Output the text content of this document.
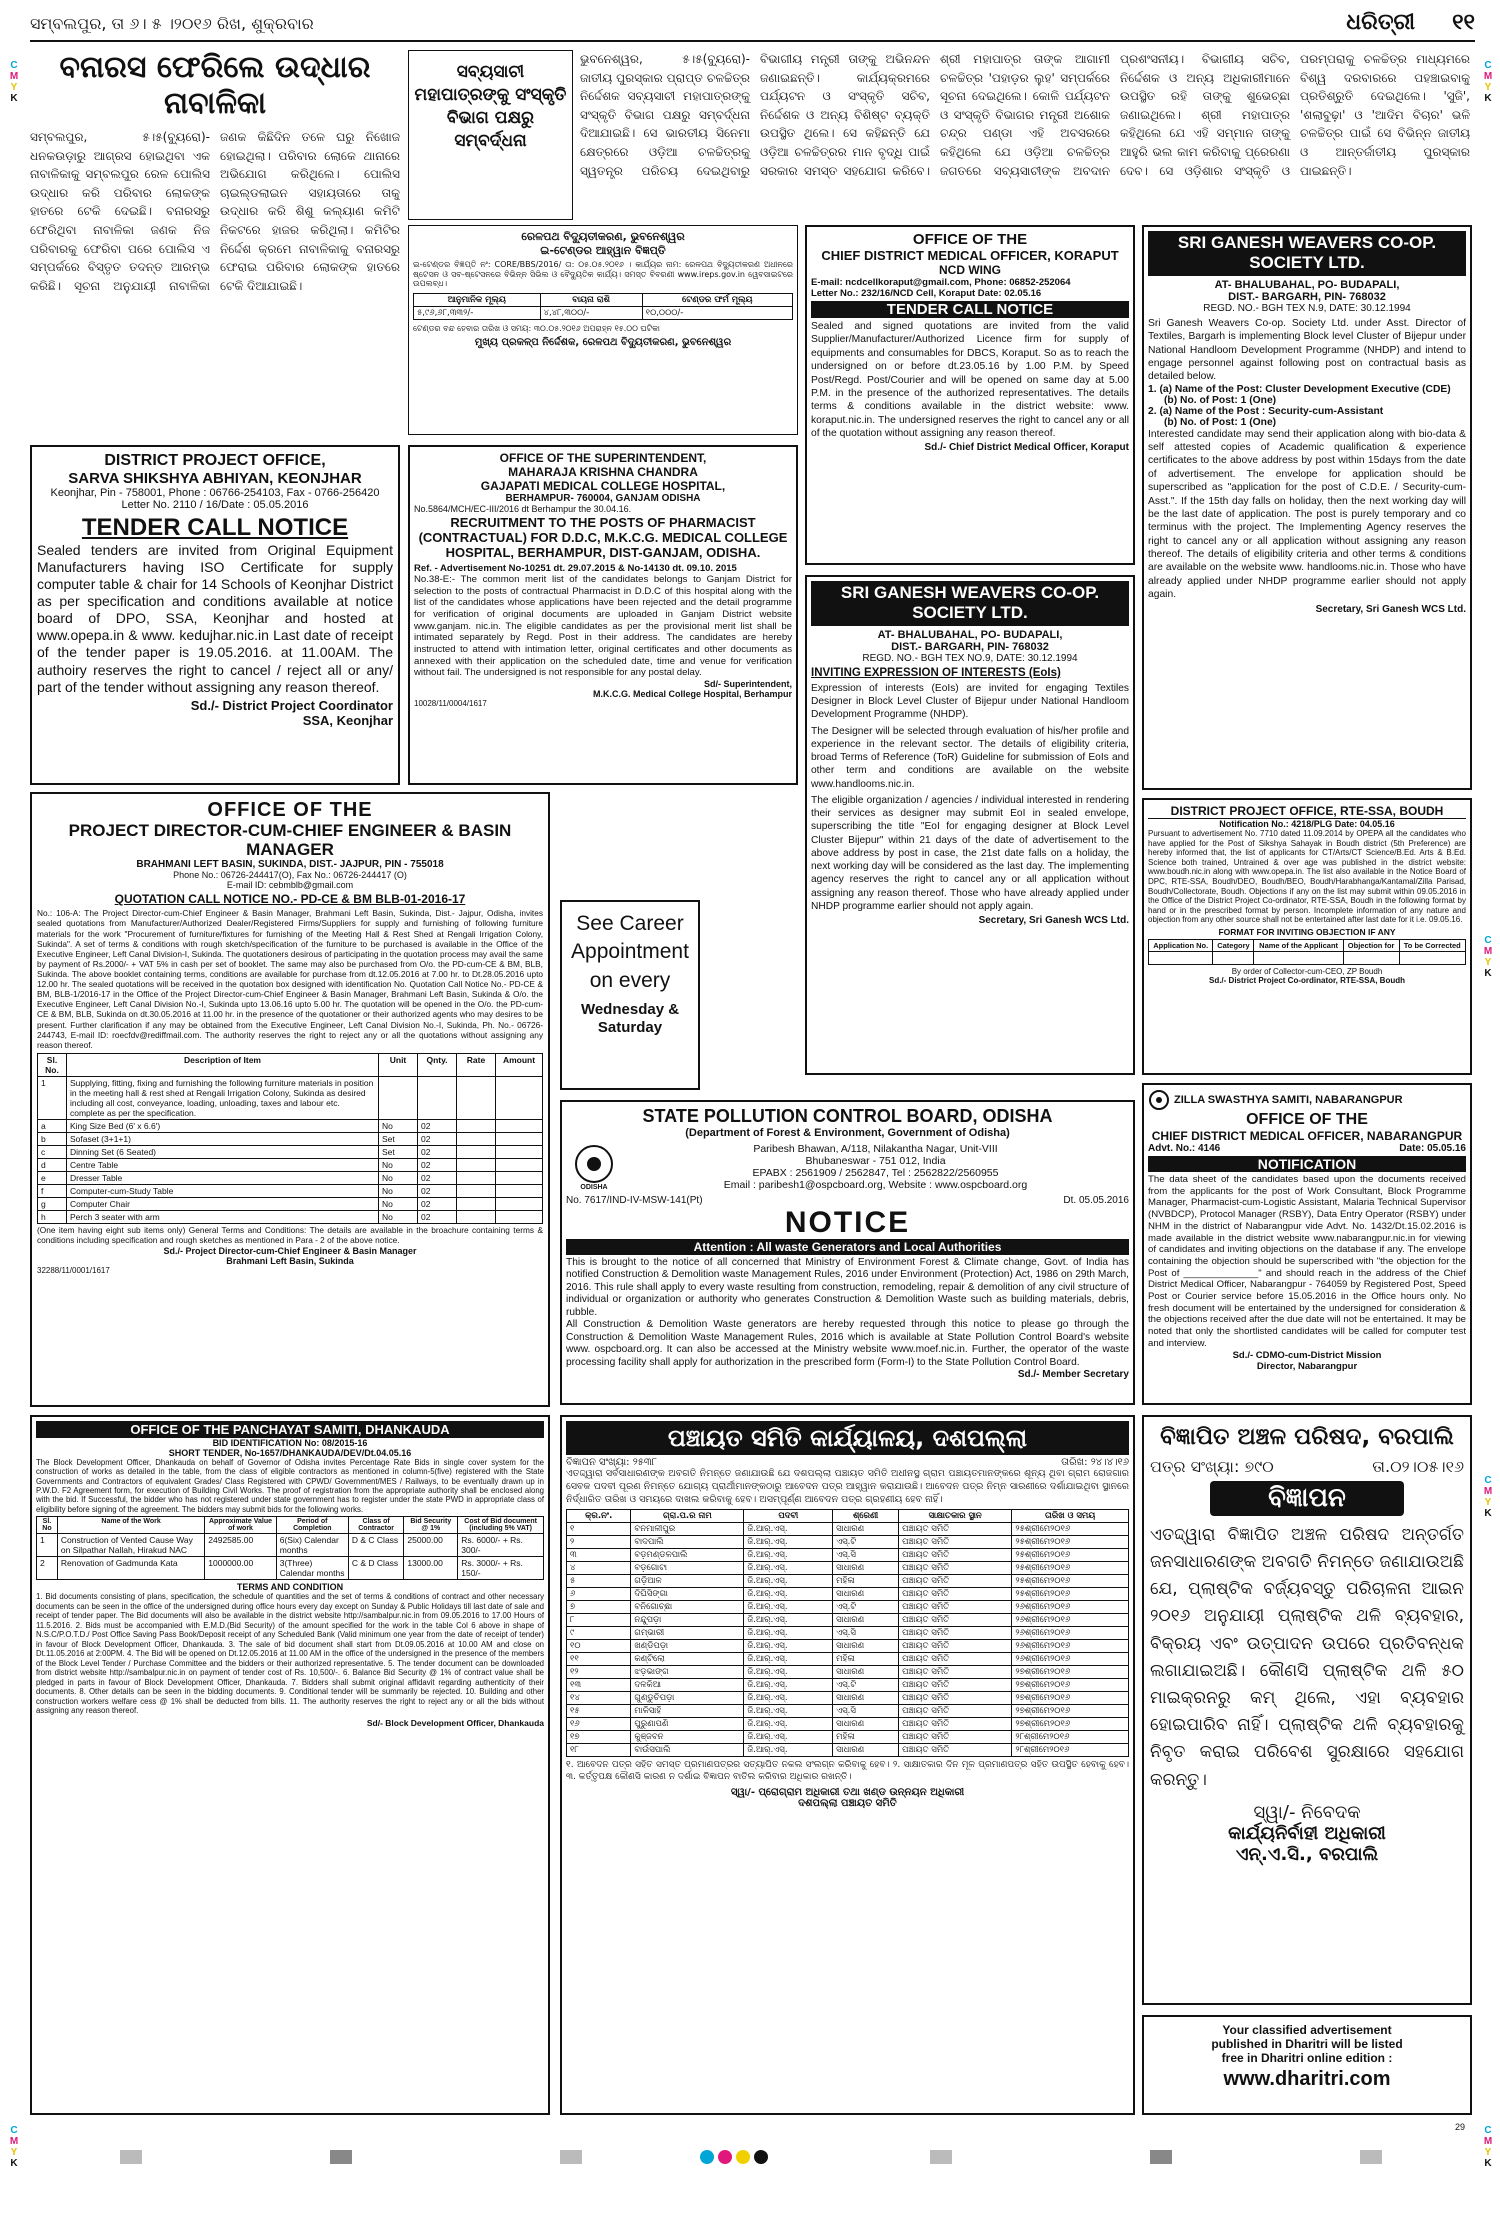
ସମ୍ବଲପୁର, ତା ୬। ୫ ।୨୦୧୬ ରିଖ, ଶୁକ୍ରବାର	ଧରିତ୍ରୀ ୧୧
C
M
Y
K
C
M
Y
K
C
M
Y
K
C
M
Y
K
C
M
Y
K
C
M
Y
K
ବନାରସ ଫେରିଲେ ଉଦ୍ଧାର ନାବାଳିକା
ସମ୍ବଲପୁର, ୫।୫(ବ୍ୟୁରୋ)- ଧନକଉଡ଼ାରୁ ଆଗ୍ରସ ହୋଇଥିବା ଏକ ନାବାଳିକାକୁ ସମ୍ବଲପୁର ରେଳ ପୋଲିସ ଉଦ୍ଧାର କରି ପରିବାର ଲୋକଙ୍କ ହାତରେ ଟେକି ଦେଇଛି। ବନାରସରୁ ଫେରିଥିବା ନାବାଳିକା ଜଣକ ନିଜ ପରିବାରକୁ ଫେରିବା ପରେ ପୋଲିସ ଏ ସମ୍ପର୍କରେ ବିସ୍ତୃତ ତଦନ୍ତ ଆରମ୍ଭ କରିଛି। ସୂଚନା ଅନୁଯାୟୀ ନାବାଳିକା ଜଣକ କିଛିଦିନ ତଳେ ଘରୁ ନିଖୋଜ ହୋଇଥିଲା। ପରିବାର ଲୋକେ ଥାନାରେ ଅଭିଯୋଗ କରିଥିଲେ। ପୋଲିସ ଚାଇଲ୍ଡଲାଇନ ସହାୟତାରେ ତାକୁ ଉଦ୍ଧାର କରି ଶିଶୁ କଲ୍ୟାଣ କମିଟି ନିକଟରେ ହାଜର କରିଥିଲା। କମିଟିର ନିର୍ଦ୍ଦେଶ କ୍ରମେ ନାବାଳିକାକୁ ବନାରସରୁ ଫେରାଇ ପରିବାର ଲୋକଙ୍କ ହାତରେ ଟେକି ଦିଆଯାଇଛି।
ସବ୍ୟସାଚୀ ମହାପାତ୍ରଙ୍କୁ ସଂସ୍କୃତି ବିଭାଗ ପକ୍ଷରୁ ସମ୍ବର୍ଦ୍ଧନା
ଭୁବନେଶ୍ୱର, ୫।୫(ବ୍ୟୁରୋ)- ଜାତୀୟ ପୁରସ୍କାର ପ୍ରାପ୍ତ ଚଳଚ୍ଚିତ୍ର ନିର୍ଦ୍ଦେଶକ ସବ୍ୟସାଚୀ ମହାପାତ୍ରଙ୍କୁ ସଂସ୍କୃତି ବିଭାଗ ପକ୍ଷରୁ ସମ୍ବର୍ଦ୍ଧନା ଦିଆଯାଇଛି। ସେ ଭାରତୀୟ ସିନେମା କ୍ଷେତ୍ରରେ ଓଡ଼ିଆ ଚଳଚ୍ଚିତ୍ରକୁ ସ୍ୱତନ୍ତ୍ର ପରିଚୟ ଦେଇଥିବାରୁ ବିଭାଗୀୟ ମନ୍ତ୍ରୀ ତାଙ୍କୁ ଅଭିନନ୍ଦନ ଜଣାଇଛନ୍ତି। କାର୍ଯ୍ୟକ୍ରମରେ ପର୍ଯ୍ୟଟନ ଓ ସଂସ୍କୃତି ସଚିବ, ନିର୍ଦ୍ଦେଶକ ଓ ଅନ୍ୟ ବିଶିଷ୍ଟ ବ୍ୟକ୍ତି ଉପସ୍ଥିତ ଥିଲେ। ସେ କହିଛନ୍ତି ଯେ ଓଡ଼ିଆ ଚଳଚ୍ଚିତ୍ରର ମାନ ବୃଦ୍ଧି ପାଇଁ ସରକାର ସମସ୍ତ ସହଯୋଗ କରିବେ। ଶ୍ରୀ ମହାପାତ୍ର ତାଙ୍କ ଆଗାମୀ ଚଳଚ୍ଚିତ୍ର 'ପହାଡ଼ର ଲୁହ' ସମ୍ପର୍କରେ ସୂଚନା ଦେଇଥିଲେ। କୋଳି ପର୍ଯ୍ୟଟନ ଓ ସଂସ୍କୃତି ବିଭାଗର ମନ୍ତ୍ରୀ ଅଶୋକ ଚନ୍ଦ୍ର ପଣ୍ଡା ଏହି ଅବସରରେ କହିଥିଲେ ଯେ ଓଡ଼ିଆ ଚଳଚ୍ଚିତ୍ର ଜଗତରେ ସବ୍ୟସାଚୀଙ୍କ ଅବଦାନ ପ୍ରଶଂସନୀୟ। ବିଭାଗୀୟ ସଚିବ, ନିର୍ଦ୍ଦେଶକ ଓ ଅନ୍ୟ ଅଧିକାରୀମାନେ ଉପସ୍ଥିତ ରହି ତାଙ୍କୁ ଶୁଭେଚ୍ଛା ଜଣାଇଥିଲେ। ଶ୍ରୀ ମହାପାତ୍ର କହିଥିଲେ ଯେ ଏହି ସମ୍ମାନ ତାଙ୍କୁ ଆହୁରି ଭଲ କାମ କରିବାକୁ ପ୍ରେରଣା ଦେବ। ସେ ଓଡ଼ିଶାର ସଂସ୍କୃତି ଓ ପରମ୍ପରାକୁ ଚଳଚ୍ଚିତ୍ର ମାଧ୍ୟମରେ ବିଶ୍ୱ ଦରବାରରେ ପହଞ୍ଚାଇବାକୁ ପ୍ରତିଶ୍ରୁତି ଦେଇଥିଲେ। 'ସୁଜି', 'ଶଲାବୁଢ଼ା' ଓ 'ଆଦିମ ବିଚାର' ଭଳି ଚଳଚ୍ଚିତ୍ର ପାଇଁ ସେ ବିଭିନ୍ନ ଜାତୀୟ ଓ ଆନ୍ତର୍ଜାତୀୟ ପୁରସ୍କାର ପାଇଛନ୍ତି।
ରେଳପଥ ବିଦ୍ୟୁତୀକରଣ, ଭୁବନେଶ୍ୱର
ଇ-ଟେଣ୍ଡର ଆହ୍ୱାନ ବିଜ୍ଞପ୍ତି
ଇ-ଟେଣ୍ଡର ବିଜ୍ଞପ୍ତି ନଂ: CORE/BBS/2016/ ତା: ୦୫.୦୫.୨୦୧୬ । କାର୍ଯ୍ୟର ନାମ: ରେଳପଥ ବିଦ୍ୟୁତୀକରଣ ଅଧୀନରେ ଷ୍ଟେସନ ଓ ସବ-ଷ୍ଟେସନରେ ବିଭିନ୍ନ ସିଭିଲ ଓ ବୈଦ୍ୟୁତିକ କାର୍ଯ୍ୟ। ସମସ୍ତ ବିବରଣୀ www.ireps.gov.in ୱେବସାଇଟରେ ଉପଲବ୍ଧ।
ଆନୁମାନିକ ମୂଲ୍ୟ	ବାୟନା ରାଶି	ଟେଣ୍ଡର ଫର୍ମ ମୂଲ୍ୟ
୫,୯୬,୬୮,୩୩୨/-	୪,୪୮,୩୦୦/-	୧୦,୦୦୦/-
ଟେଣ୍ଡର ବନ୍ଦ ହେବାର ତାରିଖ ଓ ସମୟ: ୩୦.୦୫.୨୦୧୬ ଅପରାହ୍ନ ୧୫.୦୦ ଘଟିକା
ମୁଖ୍ୟ ପ୍ରକଳ୍ପ ନିର୍ଦ୍ଦେଶକ, ରେଳପଥ ବିଦ୍ୟୁତୀକରଣ, ଭୁବନେଶ୍ୱର
OFFICE OF THE
CHIEF DISTRICT MEDICAL OFFICER, KORAPUT
NCD WING
E-mail: ncdcellkoraput@gmail.com, Phone: 06852-252064
Letter No.: 232/16/NCD Cell, Koraput Date: 02.05.16
TENDER CALL NOTICE
Sealed and signed quotations are invited from the valid Supplier/Manufacturer/Authorized Licence firm for supply of equipments and consumables for DBCS, Koraput. So as to reach the undersigned on or before dt.23.05.16 by 1.00 P.M. by Speed Post/Regd. Post/Courier and will be opened on same day at 5.00 P.M. in the presence of the authorized representatives. The details terms & conditions available in the district website: www. koraput.nic.in. The undersigned reserves the right to cancel any or all of the quotation without assigning any reason thereof.
Sd./- Chief District Medical Officer, Koraput
SRI GANESH WEAVERS CO-OP. SOCIETY LTD.
AT- BHALUBAHAL, PO- BUDAPALI,
DIST.- BARGARH, PIN- 768032
REGD. NO.- BGH TEX N.9, DATE: 30.12.1994
Sri Ganesh Weavers Co-op. Society Ltd. under Asst. Director of Textiles, Bargarh is implementing Block level Cluster of Bijepur under National Handloom Development Programme (NHDP) and intend to engage personnel against following post on contractual basis as detailed below.
1. (a) Name of the Post: Cluster Development Executive (CDE)
(b) No. of Post: 1 (One)
2. (a) Name of the Post : Security-cum-Assistant
(b) No. of Post: 1 (One)
Interested candidate may send their application along with bio-data & self attested copies of Academic qualification & experience certificates to the above address by post within 15days from the date of advertisement. The envelope for application should be superscribed as "application for the post of C.D.E. / Security-cum-Asst.". If the 15th day falls on holiday, then the next working day will be the last date of application. The post is purely temporary and co terminus with the project. The Implementing Agency reserves the right to cancel any or all application without assigning any reason thereof. The details of eligibility criteria and other terms & conditions are available on the website www. handlooms.nic.in. Those who have already applied under NHDP programme earlier should not apply again.
Secretary, Sri Ganesh WCS Ltd.
DISTRICT PROJECT OFFICE,
SARVA SHIKSHYA ABHIYAN, KEONJHAR
Keonjhar, Pin - 758001, Phone : 06766-254103, Fax - 0766-256420
Letter No. 2110 / 16/Date : 05.05.2016
TENDER CALL NOTICE
Sealed tenders are invited from Original Equipment Manufacturers having ISO Certificate for supply computer table & chair for 14 Schools of Keonjhar District as per specification and conditions available at notice board of DPO, SSA, Keonjhar and hosted at www.opepa.in & www. kedujhar.nic.in Last date of receipt of the tender paper is 19.05.2016. at 11.00AM. The authoiry reserves the right to cancel / reject all or any/ part of the tender without assigning any reason thereof.
Sd./- District Project Coordinator
SSA, Keonjhar
OFFICE OF THE SUPERINTENDENT,
MAHARAJA KRISHNA CHANDRA
GAJAPATI MEDICAL COLLEGE HOSPITAL,
BERHAMPUR- 760004, GANJAM ODISHA
No.5864/MCH/EC-III/2016 dt Berhampur the 30.04.16.
RECRUITMENT TO THE POSTS OF PHARMACIST (CONTRACTUAL) FOR D.D.C, M.K.C.G. MEDICAL COLLEGE HOSPITAL, BERHAMPUR, DIST-GANJAM, ODISHA.
Ref. - Advertisement No-10251 dt. 29.07.2015 & No-14130 dt. 09.10. 2015
No.38-E:- The common merit list of the candidates belongs to Ganjam District for selection to the posts of contractual Pharmacist in D.D.C of this hospital along with the list of the candidates whose applications have been rejected and the detail programme for verification of original documents are uploaded in Ganjam District website www.ganjam. nic.in. The eligible candidates as per the provisional merit list shall be intimated separately by Regd. Post in their address. The candidates are hereby instructed to attend with intimation letter, original certificates and other documents as annexed with their application on the scheduled date, time and venue for verification without fail. The undersigned is not responsible for any postal delay.
Sd/- Superintendent,
M.K.C.G. Medical College Hospital, Berhampur
10028/11/0004/1617
SRI GANESH WEAVERS CO-OP. SOCIETY LTD.
AT- BHALUBAHAL, PO- BUDAPALI,
DIST.- BARGARH, PIN- 768032
REGD. NO.- BGH TEX NO.9, DATE: 30.12.1994
INVITING EXPRESSION OF INTERESTS (EoIs)
Expression of interests (EoIs) are invited for engaging Textiles Designer in Block Level Cluster of Bijepur under National Handloom Development Programme (NHDP).
The Designer will be selected through evaluation of his/her profile and experience in the relevant sector. The details of eligibility criteria, broad Terms of Reference (ToR) Guideline for submission of EoIs and other term and conditions are available on the website www.handlooms.nic.in.
The eligible organization / agencies / individual interested in rendering their services as designer may submit EoI in sealed envelope, superscribing the title "EoI for engaging designer at Block Level Cluster Bijepur" within 21 days of the date of advertisement to the above address by post in case, the 21st date falls on a holiday, the next working day will be considered as the last day. The implementing agency reserves the right to cancel any or all application without assigning any reason thereof. Those who have already applied under NHDP programme earlier should not apply again.
Secretary, Sri Ganesh WCS Ltd.
DISTRICT PROJECT OFFICE, RTE-SSA, BOUDH
Notification No.: 4218/PLG Date: 04.05.16
Pursuant to advertisement No. 7710 dated 11.09.2014 by OPEPA all the candidates who have applied for the Post of Sikshya Sahayak in Boudh district (5th Preference) are hereby informed that, the list of applicants for CT/Arts/CT Science/B.Ed. Arts & B.Ed. Science both trained, Untrained & over age was published in the district website: www.boudh.nic.in along with www.opepa.in. The list also available in the Notice Board of DPC, RTE-SSA, Boudh/DEO, Boudh/BEO, Boudh/Harabhanga/Kantamal/Zilla Parisad, Boudh/Collectorate, Boudh. Objections if any on the list may submit within 09.05.2016 in the Office of the District Project Co-ordinator, RTE-SSA, Boudh in the following format by hand or in the prescribed format by person. Incomplete information of any nature and objection from any other source shall not be entertained after last date for it i.e. 09.05.16.
FORMAT FOR INVITING OBJECTION IF ANY
Application No.	Category	Name of the Applicant	Objection for	To be Corrected

By order of Collector-cum-CEO, ZP Boudh
Sd./- District Project Co-ordinator, RTE-SSA, Boudh
OFFICE OF THE
PROJECT DIRECTOR-CUM-CHIEF ENGINEER & BASIN MANAGER
BRAHMANI LEFT BASIN, SUKINDA, DIST.- JAJPUR, PIN - 755018
Phone No.: 06726-244417(O), Fax No.: 06726-244417 (O)
E-mail ID: cebmblb@gmail.com
QUOTATION CALL NOTICE NO.- PD-CE & BM BLB-01-2016-17
No.: 106-A: The Project Director-cum-Chief Engineer & Basin Manager, Brahmani Left Basin, Sukinda, Dist.- Jajpur, Odisha, invites sealed quotations from Manufacturer/Authorized Dealer/Registered Firms/Suppliers for supply and furnishing of following furniture materials for the work "Procurement of furniture/fixtures for furnishing of the Meeting Hall & Rest Shed at Rengali Irrigation Colony, Sukinda". A set of terms & conditions with rough sketch/specification of the furniture to be purchased is available in the Office of the Executive Engineer, Left Canal Division-I, Sukinda. The quotationers desirous of participating in the quotation process may avail the same by payment of Rs.2000/- + VAT 5% in cash per set of booklet. The same may also be purchased from O/o. the PD-cum-CE & BM, BLB, Sukinda. The above booklet containing terms, conditions are available for purchase from dt.12.05.2016 at 7.00 hr. to Dt.28.05.2016 upto 12.00 hr. The sealed quotations will be received in the quotation box designed with identification No. Quotation Call Notice No.- PD-CE & BM, BLB-1/2016-17 in the Office of the Project Director-cum-Chief Engineer & Basin Manager, Brahmani Left Basin, Sukinda & O/o. the Executive Engineer, Left Canal Division No.-I, Sukinda upto 13.06.16 upto 5.00 hr. The quotation will be opened in the O/o. the PD-cum-CE & BM, BLB, Sukinda on dt.30.05.2016 at 11.00 hr. in the presence of the quotationer or their authorized agents who may desires to be present. Further clarification if any may be obtained from the Executive Engineer, Left Canal Division No.-I, Sukinda, Ph. No.- 06726-244743, E-mail ID: roecfdv@rediffmail.com. The authority reserves the right to reject any or all the quotations without assigning any reason thereof.
Sl. No.	Description of Item	Unit	Qnty.	Rate	Amount
1	Supplying, fitting, fixing and furnishing the following furniture materials in position in the meeting hall & rest shed at Rengali Irrigation Colony, Sukinda as desired including all cost, conveyance, loading, unloading, taxes and labour etc. complete as per the specification.				
a	King Size Bed (6' x 6.6')	No	02		
b	Sofaset (3+1+1)	Set	02		
c	Dinning Set (6 Seated)	Set	02		
d	Centre Table	No	02		
e	Dresser Table	No	02		
f	Computer-cum-Study Table	No	02		
g	Computer Chair	No	02		
h	Perch 3 seater with arm	No	02		
(One item having eight sub items only) General Terms and Conditions: The details are available in the broachure containing terms & conditions including specification and rough sketches as mentioned in Para - 2 of the above notice.
Sd./- Project Director-cum-Chief Engineer & Basin Manager
Brahmani Left Basin, Sukinda
32288/11/0001/1617
See Career
Appointment
on every
Wednesday & Saturday
STATE POLLUTION CONTROL BOARD, ODISHA
(Department of Forest & Environment, Government of Odisha)
ODISHA
Paribesh Bhawan, A/118, Nilakantha Nagar, Unit-VIII
Bhubaneswar - 751 012, India
EPABX : 2561909 / 2562847, Tel : 2562822/2560955
Email : paribesh1@ospcboard.org, Website : www.ospcboard.org
No. 7617/IND-IV-MSW-141(Pt)	Dt. 05.05.2016
NOTICE
Attention : All waste Generators and Local Authorities
This is brought to the notice of all concerned that Ministry of Environment Forest & Climate change, Govt. of India has notified Construction & Demolition waste Management Rules, 2016 under Environment (Protection) Act, 1986 on 29th March, 2016. This rule shall apply to every waste resulting from construction, remodeling, repair & demolition of any civil structure of individual or organization or authority who generates Construction & Demolition Waste such as building materials, debris, rubble.
All Construction & Demolition Waste generators are hereby requested through this notice to please go through the Construction & Demolition Waste Management Rules, 2016 which is available at State Pollution Control Board's website www. ospcboard.org. It can also be accessed at the Ministry website www.moef.nic.in. Further, the operator of the waste processing facility shall apply for authorization in the prescribed form (Form-I) to the State Pollution Control Board.
Sd./- Member Secretary
ZILLA SWASTHYA SAMITI, NABARANGPUR
OFFICE OF THE
CHIEF DISTRICT MEDICAL OFFICER, NABARANGPUR
Advt. No.: 4146	Date: 05.05.16
NOTIFICATION
The data sheet of the candidates based upon the documents received from the applicants for the post of Work Consultant, Block Programme Manager, Pharmacist-cum-Logistic Assistant, Malaria Technical Supervisor (NVBDCP), Protocol Manager (RSBY), Data Entry Operator (RSBY) under NHM in the district of Nabarangpur vide Advt. No. 1432/Dt.15.02.2016 is made available in the district website www.nabarangpur.nic.in for viewing of candidates and inviting objections on the database if any. The envelope containing the objection should be superscribed with "the objection for the Post of ______________" and should reach in the address of the Chief District Medical Officer, Nabarangpur - 764059 by Registered Post, Speed Post or Courier service before 15.05.2016 in the Office hours only. No fresh document will be entertained by the undersigned for consideration & the objections received after the due date will not be entertained. It may be noted that only the shortlisted candidates will be called for computer test and interview.
Sd./- CDMO-cum-District Mission
Director, Nabarangpur
OFFICE OF THE PANCHAYAT SAMITI, DHANKAUDA
BID IDENTIFICATION No: 08/2015-16
SHORT TENDER, No-1657/DHANKAUDA/DEV/Dt.04.05.16
The Block Development Officer, Dhankauda on behalf of Governor of Odisha invites Percentage Rate Bids in single cover system for the construction of works as detailed in the table, from the class of eligible contractors as mentioned in column-5(five) registered with the State Governments and Contractors of equivalent Grades/ Class Registered with CPWD/ Government/MES / Railways, to be eventually drawn up in P.W.D. F2 Agreement form, for execution of Building Civil Works. The proof of registration from the appropriate authority shall be enclosed along with the bid. If Successful, the bidder who has not registered under state government has to register under the state PWD in appropriate class of eligibility before signing of the agreement. The bidders may submit bids for the following works.
Sl. No	Name of the Work	Approximate Value of work	Period of Completion	Class of Contractor	Bid Security @ 1%	Cost of Bid document (including 5% VAT)
1	Construction of Vented Cause Way on Silpathar Nallah, Hirakud NAC	2492585.00	6(Six) Calendar months	D & C Class	25000.00	Rs. 6000/- + Rs. 300/-
2	Renovation of Gadmunda Kata	1000000.00	3(Three) Calendar months	C & D Class	13000.00	Rs. 3000/- + Rs. 150/-
TERMS AND CONDITION
1. Bid documents consisting of plans, specification, the schedule of quantities and the set of terms & conditions of contract and other necessary documents can be seen in the office of the undersigned during office hours every day except on Sunday & Public Holidays till last date of sale and receipt of tender paper. The Bid documents will also be available in the district website http://sambalpur.nic.in from 09.05.2016 to 17.00 Hours of 11.5.2016. 2. Bids must be accompanied with E.M.D.(Bid Security) of the amount specified for the work in the table Col 6 above in shape of N.S.C/P.O.T.D./ Post Office Saving Pass Book/Deposit receipt of any Scheduled Bank (Valid minimum one year from the date of receipt of tender) in favour of Block Development Officer, Dhankauda. 3. The sale of bid document shall start from Dt.09.05.2016 at 10.00 AM and close on Dt.11.05.2016 at 2:00PM. 4. The Bid will be opened on Dt.12.05.2016 at 11.00 AM in the office of the undersigned in the presence of the members of the Block Level Tender / Purchase Committee and the bidders or their authorized representative. 5. The tender document can be downloaded from district website http://sambalpur.nic.in on payment of tender cost of Rs. 10,500/-. 6. Balance Bid Security @ 1% of contract value shall be pledged in parts in favour of Block Development Officer, Dhankauda. 7. Bidders shall submit original affidavit regarding authenticity of their documents. 8. Other details can be seen in the bidding documents. 9. Conditional tender will be summarily be rejected. 10. Building and other construction workers welfare cess @ 1% shall be deducted from bills. 11. The authority reserves the right to reject any or all the bids without assigning any reason thereof.
Sd/- Block Development Officer, Dhankauda
ପଞ୍ଚାୟତ ସମିତି କାର୍ଯ୍ୟାଳୟ, ଦଶପଲ୍ଲା
ବିଜ୍ଞାପନ ସଂଖ୍ୟା: ୨୫୩୮	ତାରିଖ: ୨୪।୪।୧୬
ଏତଦ୍ଦ୍ୱାରା ସର୍ବସାଧାରଣଙ୍କ ଅବଗତି ନିମନ୍ତେ ଜଣାଯାଉଛି ଯେ ଦଶପଲ୍ଲା ପଞ୍ଚାୟତ ସମିତି ଅଧୀନସ୍ଥ ଗ୍ରାମ ପଞ୍ଚାୟତମାନଙ୍କରେ ଶୂନ୍ୟ ଥିବା ଗ୍ରାମ ରୋଜଗାର ସେବକ ପଦବୀ ପୂରଣ ନିମନ୍ତେ ଯୋଗ୍ୟ ପ୍ରାର୍ଥୀମାନଙ୍କଠାରୁ ଆବେଦନ ପତ୍ର ଆହ୍ୱାନ କରାଯାଉଛି। ଆବେଦନ ପତ୍ର ନିମ୍ନ ସାରଣୀରେ ଦର୍ଶାଯାଇଥିବା ସ୍ଥାନରେ ନିର୍ଦ୍ଧାରିତ ତାରିଖ ଓ ସମୟରେ ଦାଖଲ କରିବାକୁ ହେବ। ଅସମ୍ପୂର୍ଣ୍ଣ ଆବେଦନ ପତ୍ର ଗ୍ରହଣୀୟ ହେବ ନାହିଁ।
କ୍ର.ନଂ.	ଗ୍ରା.ପ.ର ନାମ	ପଦବୀ	ଶ୍ରେଣୀ	ସାକ୍ଷାତକାର ସ୍ଥାନ	ତାରିଖ ଓ ସମୟ
୧	ବନମାଳୀପୁର	ଜି.ଆର୍.ଏସ୍.	ସାଧାରଣ	ପଞ୍ଚାୟତ ସମିତି	୨୫ଶ୍ରୀମେ୨୦୧୬
୨	ବାଦପାଲି	ଜି.ଆର୍.ଏସ୍.	ଏସ୍.ଟି	ପଞ୍ଚାୟତ ସମିତି	୨୫ଶ୍ରୀମେ୨୦୧୬
୩	ବଡ଼ମଣ୍ଡଳପାଲି	ଜି.ଆର୍.ଏସ୍.	ଏସ୍.ସି	ପଞ୍ଚାୟତ ସମିତି	୨୫ଶ୍ରୀମେ୨୦୧୬
୪	ବଡ଼ଗୋଟା	ଜି.ଆର୍.ଏସ୍.	ସାଧାରଣ	ପଞ୍ଚାୟତ ସମିତି	୨୫ଶ୍ରୀମେ୨୦୧୬
୫	ଗଡ଼ିଆଳ	ଜି.ଆର୍.ଏସ୍.	ମହିଳା	ପଞ୍ଚାୟତ ସମିତି	୨୫ଶ୍ରୀମେ୨୦୧୬
୬	ଦିଘିସିଙ୍ଗା	ଜି.ଆର୍.ଏସ୍.	ସାଧାରଣ	ପଞ୍ଚାୟତ ସମିତି	୨୫ଶ୍ରୀମେ୨୦୧୬
୭	ବନିଗୋଚ୍ଛା	ଜି.ଆର୍.ଏସ୍.	ଏସ୍.ଟି	ପଞ୍ଚାୟତ ସମିତି	୨୬ଶ୍ରୀମେ୨୦୧୬
୮	ନନ୍ଦୁପଡ଼ା	ଜି.ଆର୍.ଏସ୍.	ସାଧାରଣ	ପଞ୍ଚାୟତ ସମିତି	୨୬ଶ୍ରୀମେ୨୦୧୬
୯	ଗମ୍ଭାରୀ	ଜି.ଆର୍.ଏସ୍.	ଏସ୍.ସି	ପଞ୍ଚାୟତ ସମିତି	୨୬ଶ୍ରୀମେ୨୦୧୬
୧୦	ଖଣ୍ଡିପଡ଼ା	ଜି.ଆର୍.ଏସ୍.	ସାଧାରଣ	ପଞ୍ଚାୟତ ସମିତି	୨୬ଶ୍ରୀମେ୨୦୧୬
୧୧	କଣ୍ଟିଲୋ	ଜି.ଆର୍.ଏସ୍.	ମହିଳା	ପଞ୍ଚାୟତ ସମିତି	୨୬ଶ୍ରୀମେ୨୦୧୬
୧୨	ଝଡ଼ଭାଙ୍ଗ	ଜି.ଆର୍.ଏସ୍.	ସାଧାରଣ	ପଞ୍ଚାୟତ ସମିତି	୨୭ଶ୍ରୀମେ୨୦୧୬
୧୩	ଦଳକିଆ	ଜି.ଆର୍.ଏସ୍.	ଏସ୍.ଟି	ପଞ୍ଚାୟତ ସମିତି	୨୭ଶ୍ରୀମେ୨୦୧୬
୧୪	ଗୁଣ୍ଡୁଚିପଡ଼ା	ଜି.ଆର୍.ଏସ୍.	ସାଧାରଣ	ପଞ୍ଚାୟତ ସମିତି	୨୭ଶ୍ରୀମେ୨୦୧୬
୧୫	ମାଳିସାହି	ଜି.ଆର୍.ଏସ୍.	ଏସ୍.ସି	ପଞ୍ଚାୟତ ସମିତି	୨୭ଶ୍ରୀମେ୨୦୧୬
୧୬	ପୁରୁଣାପଣି	ଜି.ଆର୍.ଏସ୍.	ସାଧାରଣ	ପଞ୍ଚାୟତ ସମିତି	୨୭ଶ୍ରୀମେ୨୦୧୬
୧୭	କୁଞ୍ଜବନ	ଜି.ଆର୍.ଏସ୍.	ମହିଳା	ପଞ୍ଚାୟତ ସମିତି	୨୮ଶ୍ରୀମେ୨୦୧୬
୧୮	ବାଉଁସପାଲି	ଜି.ଆର୍.ଏସ୍.	ସାଧାରଣ	ପଞ୍ଚାୟତ ସମିତି	୨୮ଶ୍ରୀମେ୨୦୧୬
୧. ଆବେଦନ ପତ୍ର ସହିତ ସମସ୍ତ ପ୍ରମାଣପତ୍ରର ସତ୍ୟାପିତ ନକଲ ସଂଲଗ୍ନ କରିବାକୁ ହେବ। ୨. ସାକ୍ଷାତକାର ଦିନ ମୂଳ ପ୍ରମାଣପତ୍ର ସହିତ ଉପସ୍ଥିତ ହେବାକୁ ହେବ। ୩. କର୍ତ୍ତୃପକ୍ଷ କୌଣସି କାରଣ ନ ଦର୍ଶାଇ ବିଜ୍ଞାପନ ବାତିଲ କରିବାର ଅଧିକାର ରଖନ୍ତି।
ସ୍ୱା/- ପ୍ରୋଗ୍ରାମ ଅଧିକାରୀ ତଥା ଖଣ୍ଡ ଉନ୍ନୟନ ଅଧିକାରୀ
ଦଶପଲ୍ଲା ପଞ୍ଚାୟତ ସମିତି
ବିଜ୍ଞାପିତ ଅଞ୍ଚଳ ପରିଷଦ, ବରପାଲି
ପତ୍ର ସଂଖ୍ୟା: ୭୯୦	ତା.୦୨।୦୫।୧୬
ବିଜ୍ଞାପନ
ଏତଦ୍ଦ୍ୱାରା ବିଜ୍ଞାପିତ ଅଞ୍ଚଳ ପରିଷଦ ଅନ୍ତର୍ଗତ ଜନସାଧାରଣଙ୍କ ଅବଗତି ନିମନ୍ତେ ଜଣାଯାଉଅଛି ଯେ, ପ୍ଲାଷ୍ଟିକ ବର୍ଜ୍ୟବସ୍ତୁ ପରିଚାଳନା ଆଇନ ୨୦୧୬ ଅନୁଯାୟୀ ପ୍ଲାଷ୍ଟିକ ଥଳି ବ୍ୟବହାର, ବିକ୍ରୟ ଏବଂ ଉତ୍ପାଦନ ଉପରେ ପ୍ରତିବନ୍ଧକ ଲଗାଯାଇଅଛି। କୌଣସି ପ୍ଲାଷ୍ଟିକ ଥଳି ୫୦ ମାଇକ୍ରନରୁ କମ୍ ଥିଲେ, ଏହା ବ୍ୟବହାର ହୋଇପାରିବ ନାହିଁ। ପ୍ଲାଷ୍ଟିକ ଥଳି ବ୍ୟବହାରକୁ ନିବୃତ କରାଇ ପରିବେଶ ସୁରକ୍ଷାରେ ସହଯୋଗ କରନ୍ତୁ।
ସ୍ୱା/- ନିବେଦକ
କାର୍ଯ୍ୟନିର୍ବାହୀ ଅଧିକାରୀ
ଏନ୍.ଏ.ସି., ବରପାଲି
Your classified advertisement
published in Dharitri will be listed
free in Dharitri online edition :
www.dharitri.com
29
